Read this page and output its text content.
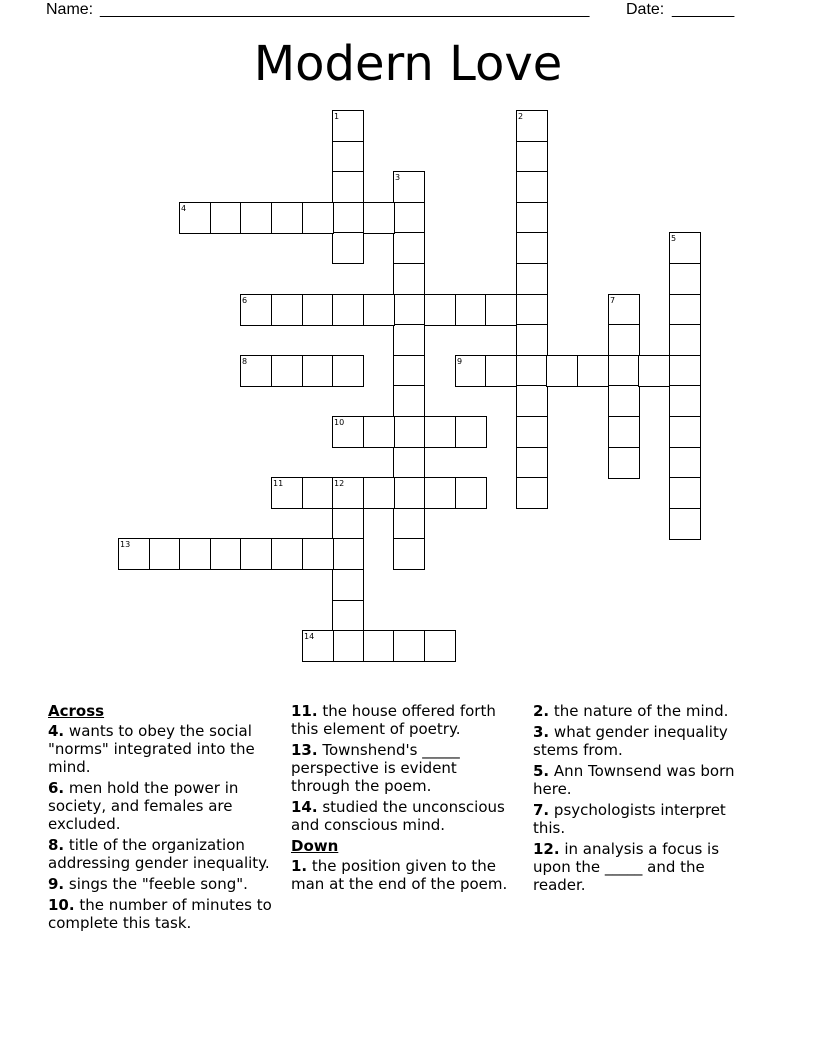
Name: _______________________________________________________	Date: _______
Modern Love
1	2
3
4
5
6	7
8	9
10
11	12
13
14
Across
4. wants to obey the social "norms" integrated into the mind.
6. men hold the power in society, and females are excluded.
8. title of the organization addressing gender inequality.
9. sings the "feeble song".
10. the number of minutes to complete this task.
11. the house offered forth this element of poetry.
13. Townshend's _____ perspective is evident through the poem.
14. studied the unconscious and conscious mind.
Down
1. the position given to the man at the end of the poem.
2. the nature of the mind.
3. what gender inequality stems from.
5. Ann Townsend was born here.
7. psychologists interpret this.
12. in analysis a focus is upon the _____ and the reader.
